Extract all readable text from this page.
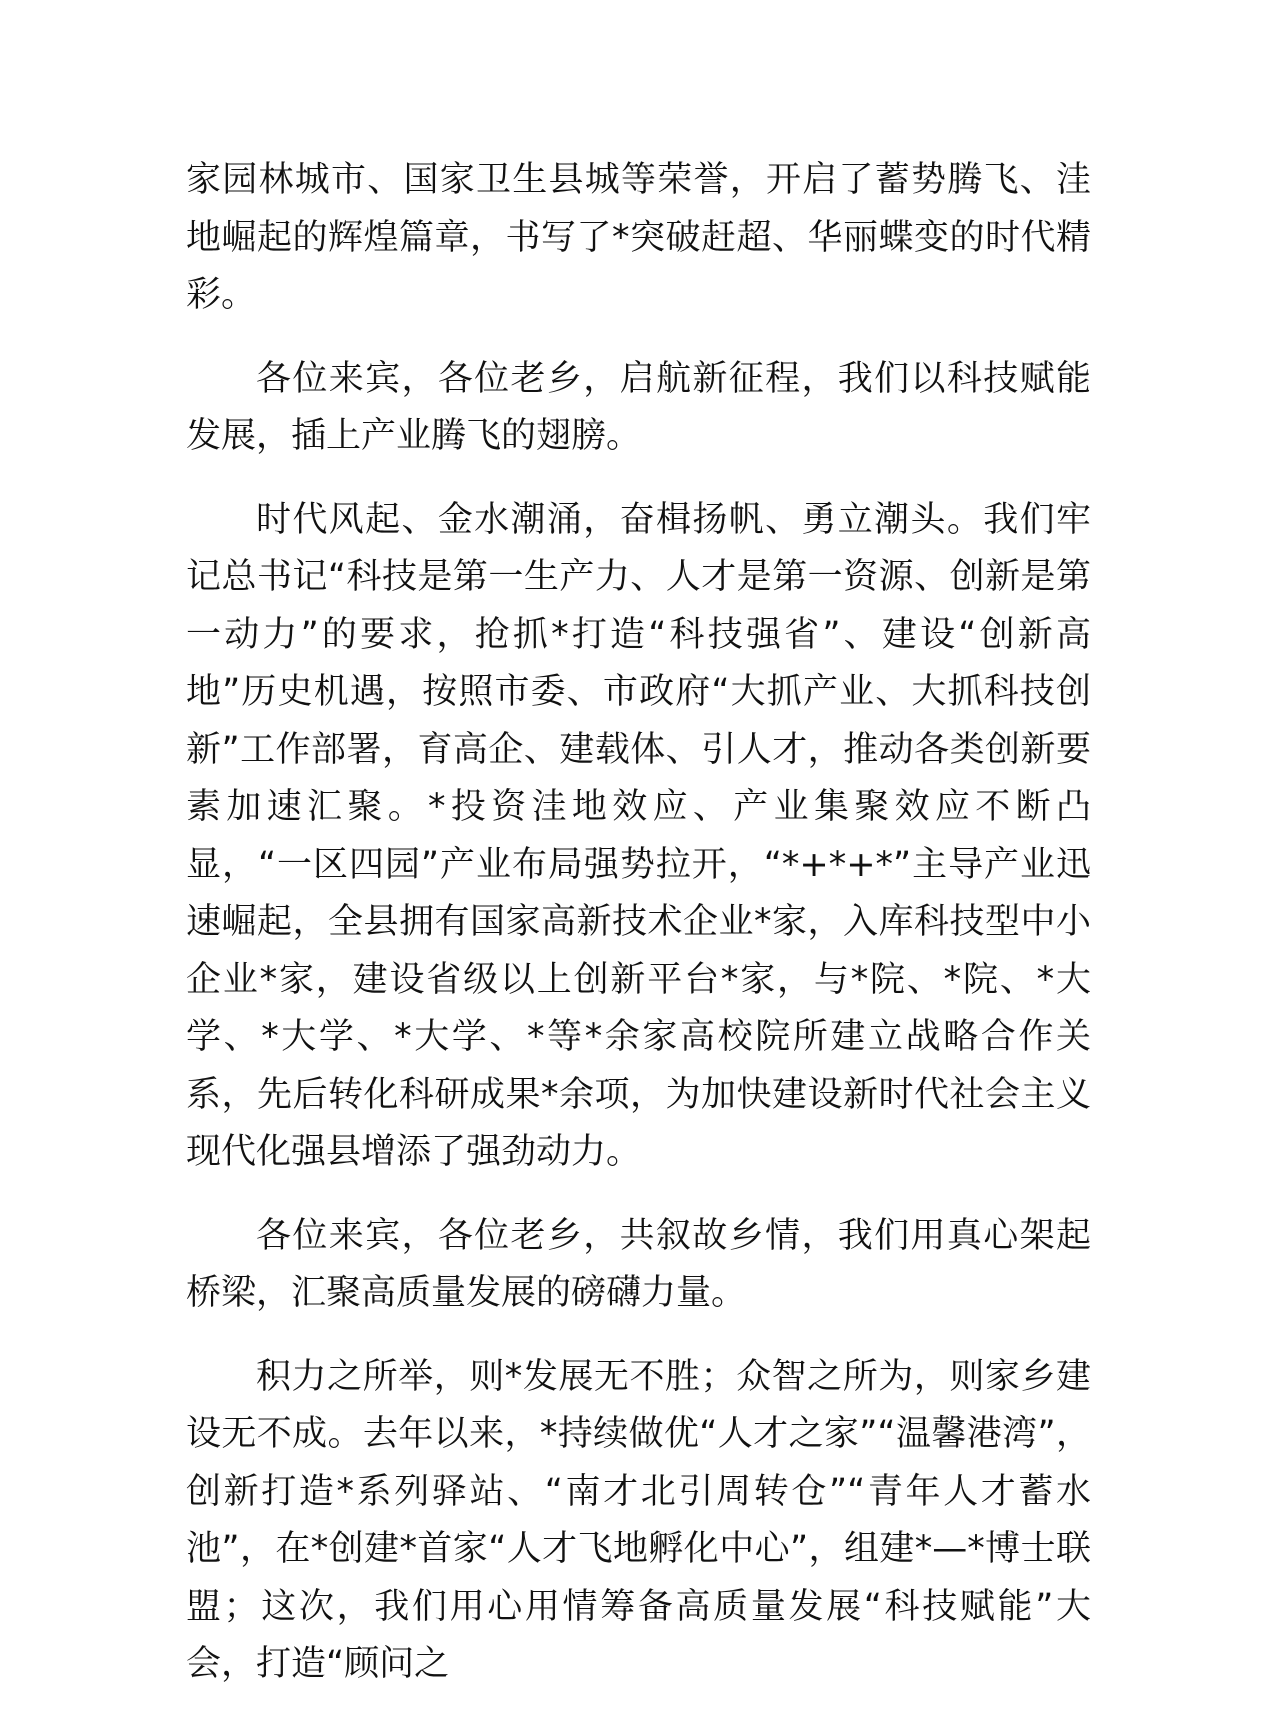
家园林城市、国家卫生县城等荣誉，开启了蓄势腾飞、洼地崛起的辉煌篇章，书写了*突破赶超、华丽蝶变的时代精彩。

各位来宾，各位老乡，启航新征程，我们以科技赋能发展，插上产业腾飞的翅膀。

时代风起、金水潮涌，奋楫扬帆、勇立潮头。我们牢记总书记“科技是第一生产力、人才是第一资源、创新是第一动力”的要求，抢抓*打造“科技强省”、建设“创新高地”历史机遇，按照市委、市政府“大抓产业、大抓科技创新”工作部署，育高企、建载体、引人才，推动各类创新要素加速汇聚。*投资洼地效应、产业集聚效应不断凸显，“一区四园”产业布局强势拉开，“*+*+*”主导产业迅速崛起，全县拥有国家高新技术企业*家，入库科技型中小企业*家，建设省级以上创新平台*家，与*院、*院、*大学、*大学、*大学、*等*余家高校院所建立战略合作关系，先后转化科研成果*余项，为加快建设新时代社会主义现代化强县增添了强劲动力。

各位来宾，各位老乡，共叙故乡情，我们用真心架起桥梁，汇聚高质量发展的磅礴力量。

积力之所举，则*发展无不胜；众智之所为，则家乡建设无不成。去年以来，*持续做优“人才之家”“温馨港湾”，创新打造*系列驿站、“南才北引周转仓”“青年人才蓄水池”，在*创建*首家“人才飞地孵化中心”，组建*—*博士联盟；这次，我们用心用情筹备高质量发展“科技赋能”大会，打造“顾问之
